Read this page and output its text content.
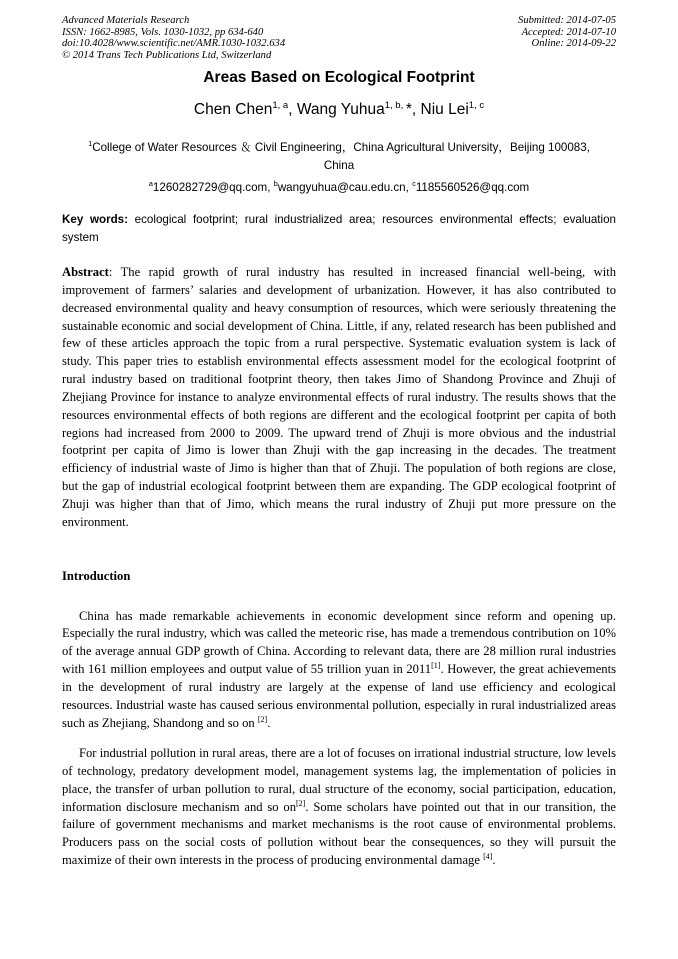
Advanced Materials Research
ISSN: 1662-8985, Vols. 1030-1032, pp 634-640
doi:10.4028/www.scientific.net/AMR.1030-1032.634
© 2014 Trans Tech Publications Ltd, Switzerland
Submitted: 2014-07-05
Accepted: 2014-07-10
Online: 2014-09-22
Areas Based on Ecological Footprint
Chen Chen$^{1, a}$, Wang Yuhua$^{1, b,}$ *, Niu Lei$^{1, c}$
$^1$College of Water Resources ＆ Civil Engineering，China Agricultural University，Beijing 100083,
China
$^a$1260282729@qq.com, $^b$wangyuhua@cau.edu.cn, $^c$1185560526@qq.com
Key words: ecological footprint; rural industrialized area; resources environmental effects; evaluation system

Abstract: The rapid growth of rural industry has resulted in increased financial well-being, with improvement of farmers’ salaries and development of urbanization. However, it has also contributed to decreased environmental quality and heavy consumption of resources, which were seriously threatening the sustainable economic and social development of China. Little, if any, related research has been published and few of these articles approach the topic from a rural perspective. Systematic evaluation system is lack of study. This paper tries to establish environmental effects assessment model for the ecological footprint of rural industry based on traditional footprint theory, then takes Jimo of Shandong Province and Zhuji of Zhejiang Province for instance to analyze environmental effects of rural industry. The results shows that the resources environmental effects of both regions are different and the ecological footprint per capita of both regions had increased from 2000 to 2009. The upward trend of Zhuji is more obvious and the industrial footprint per capita of Jimo is lower than Zhuji with the gap increasing in the decades. The treatment efficiency of industrial waste of Jimo is higher than that of Zhuji. The population of both regions are close, but the gap of industrial ecological footprint between them are expanding. The GDP ecological footprint of Zhuji was higher than that of Jimo, which means the rural industry of Zhuji put more pressure on the environment.

Introduction

China has made remarkable achievements in economic development since reform and opening up. Especially the rural industry, which was called the meteoric rise, has made a tremendous contribution on 10% of the average annual GDP growth of China. According to relevant data, there are 28 million rural industries with 161 million employees and output value of 55 trillion yuan in 2011[1]. However, the great achievements in the development of rural industry are largely at the expense of land use efficiency and ecological resources. Industrial waste has caused serious environmental pollution, especially in rural industrialized areas such as Zhejiang, Shandong and so on [2].

For industrial pollution in rural areas, there are a lot of focuses on irrational industrial structure, low levels of technology, predatory development model, management systems lag, the implementation of policies in place, the transfer of urban pollution to rural, dual structure of the economy, social participation, education, information disclosure mechanism and so on[2]. Some scholars have pointed out that in our transition, the failure of government mechanisms and market mechanisms is the root cause of environmental problems. Producers pass on the social costs of pollution without bear the consequences, so they will pursuit the maximize of their own interests in the process of producing environmental damage [4].
